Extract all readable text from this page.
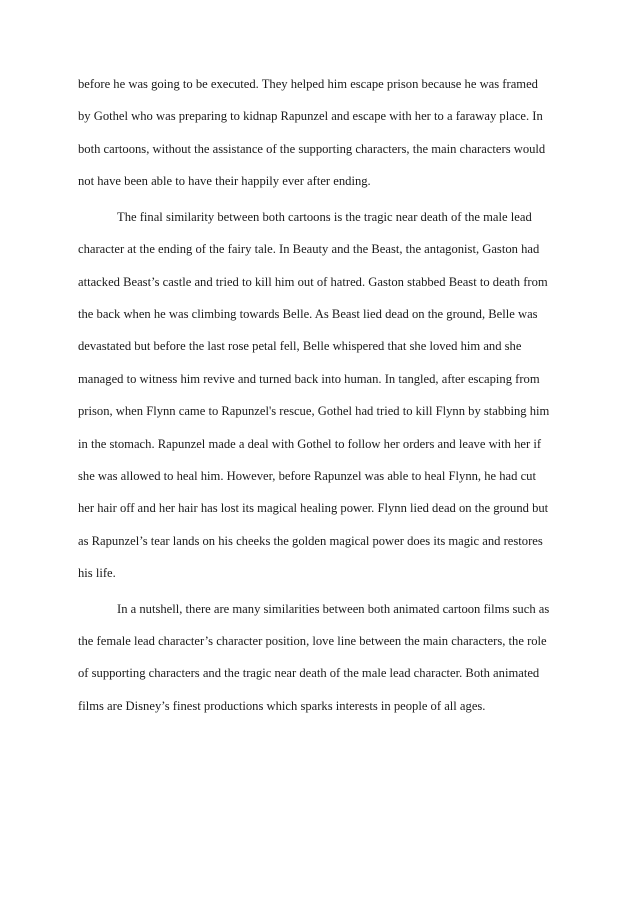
before he was going to be executed. They helped him escape prison because he was framed
by Gothel who was preparing to kidnap Rapunzel and escape with her to a faraway place. In
both cartoons, without the assistance of the supporting characters, the main characters would
not have been able to have their happily ever after ending.
The final similarity between both cartoons is the tragic near death of the male lead
character at the ending of the fairy tale. In Beauty and the Beast, the antagonist, Gaston had
attacked Beast’s castle and tried to kill him out of hatred. Gaston stabbed Beast to death from
the back when he was climbing towards Belle. As Beast lied dead on the ground, Belle was
devastated but before the last rose petal fell, Belle whispered that she loved him and she
managed to witness him revive and turned back into human. In tangled, after escaping from
prison, when Flynn came to Rapunzel's rescue, Gothel had tried to kill Flynn by stabbing him
in the stomach. Rapunzel made a deal with Gothel to follow her orders and leave with her if
she was allowed to heal him. However, before Rapunzel was able to heal Flynn, he had cut
her hair off and her hair has lost its magical healing power. Flynn lied dead on the ground but
as Rapunzel’s tear lands on his cheeks the golden magical power does its magic and restores
his life.
In a nutshell, there are many similarities between both animated cartoon films such as
the female lead character’s character position, love line between the main characters, the role
of supporting characters and the tragic near death of the male lead character. Both animated
films are Disney’s finest productions which sparks interests in people of all ages.
